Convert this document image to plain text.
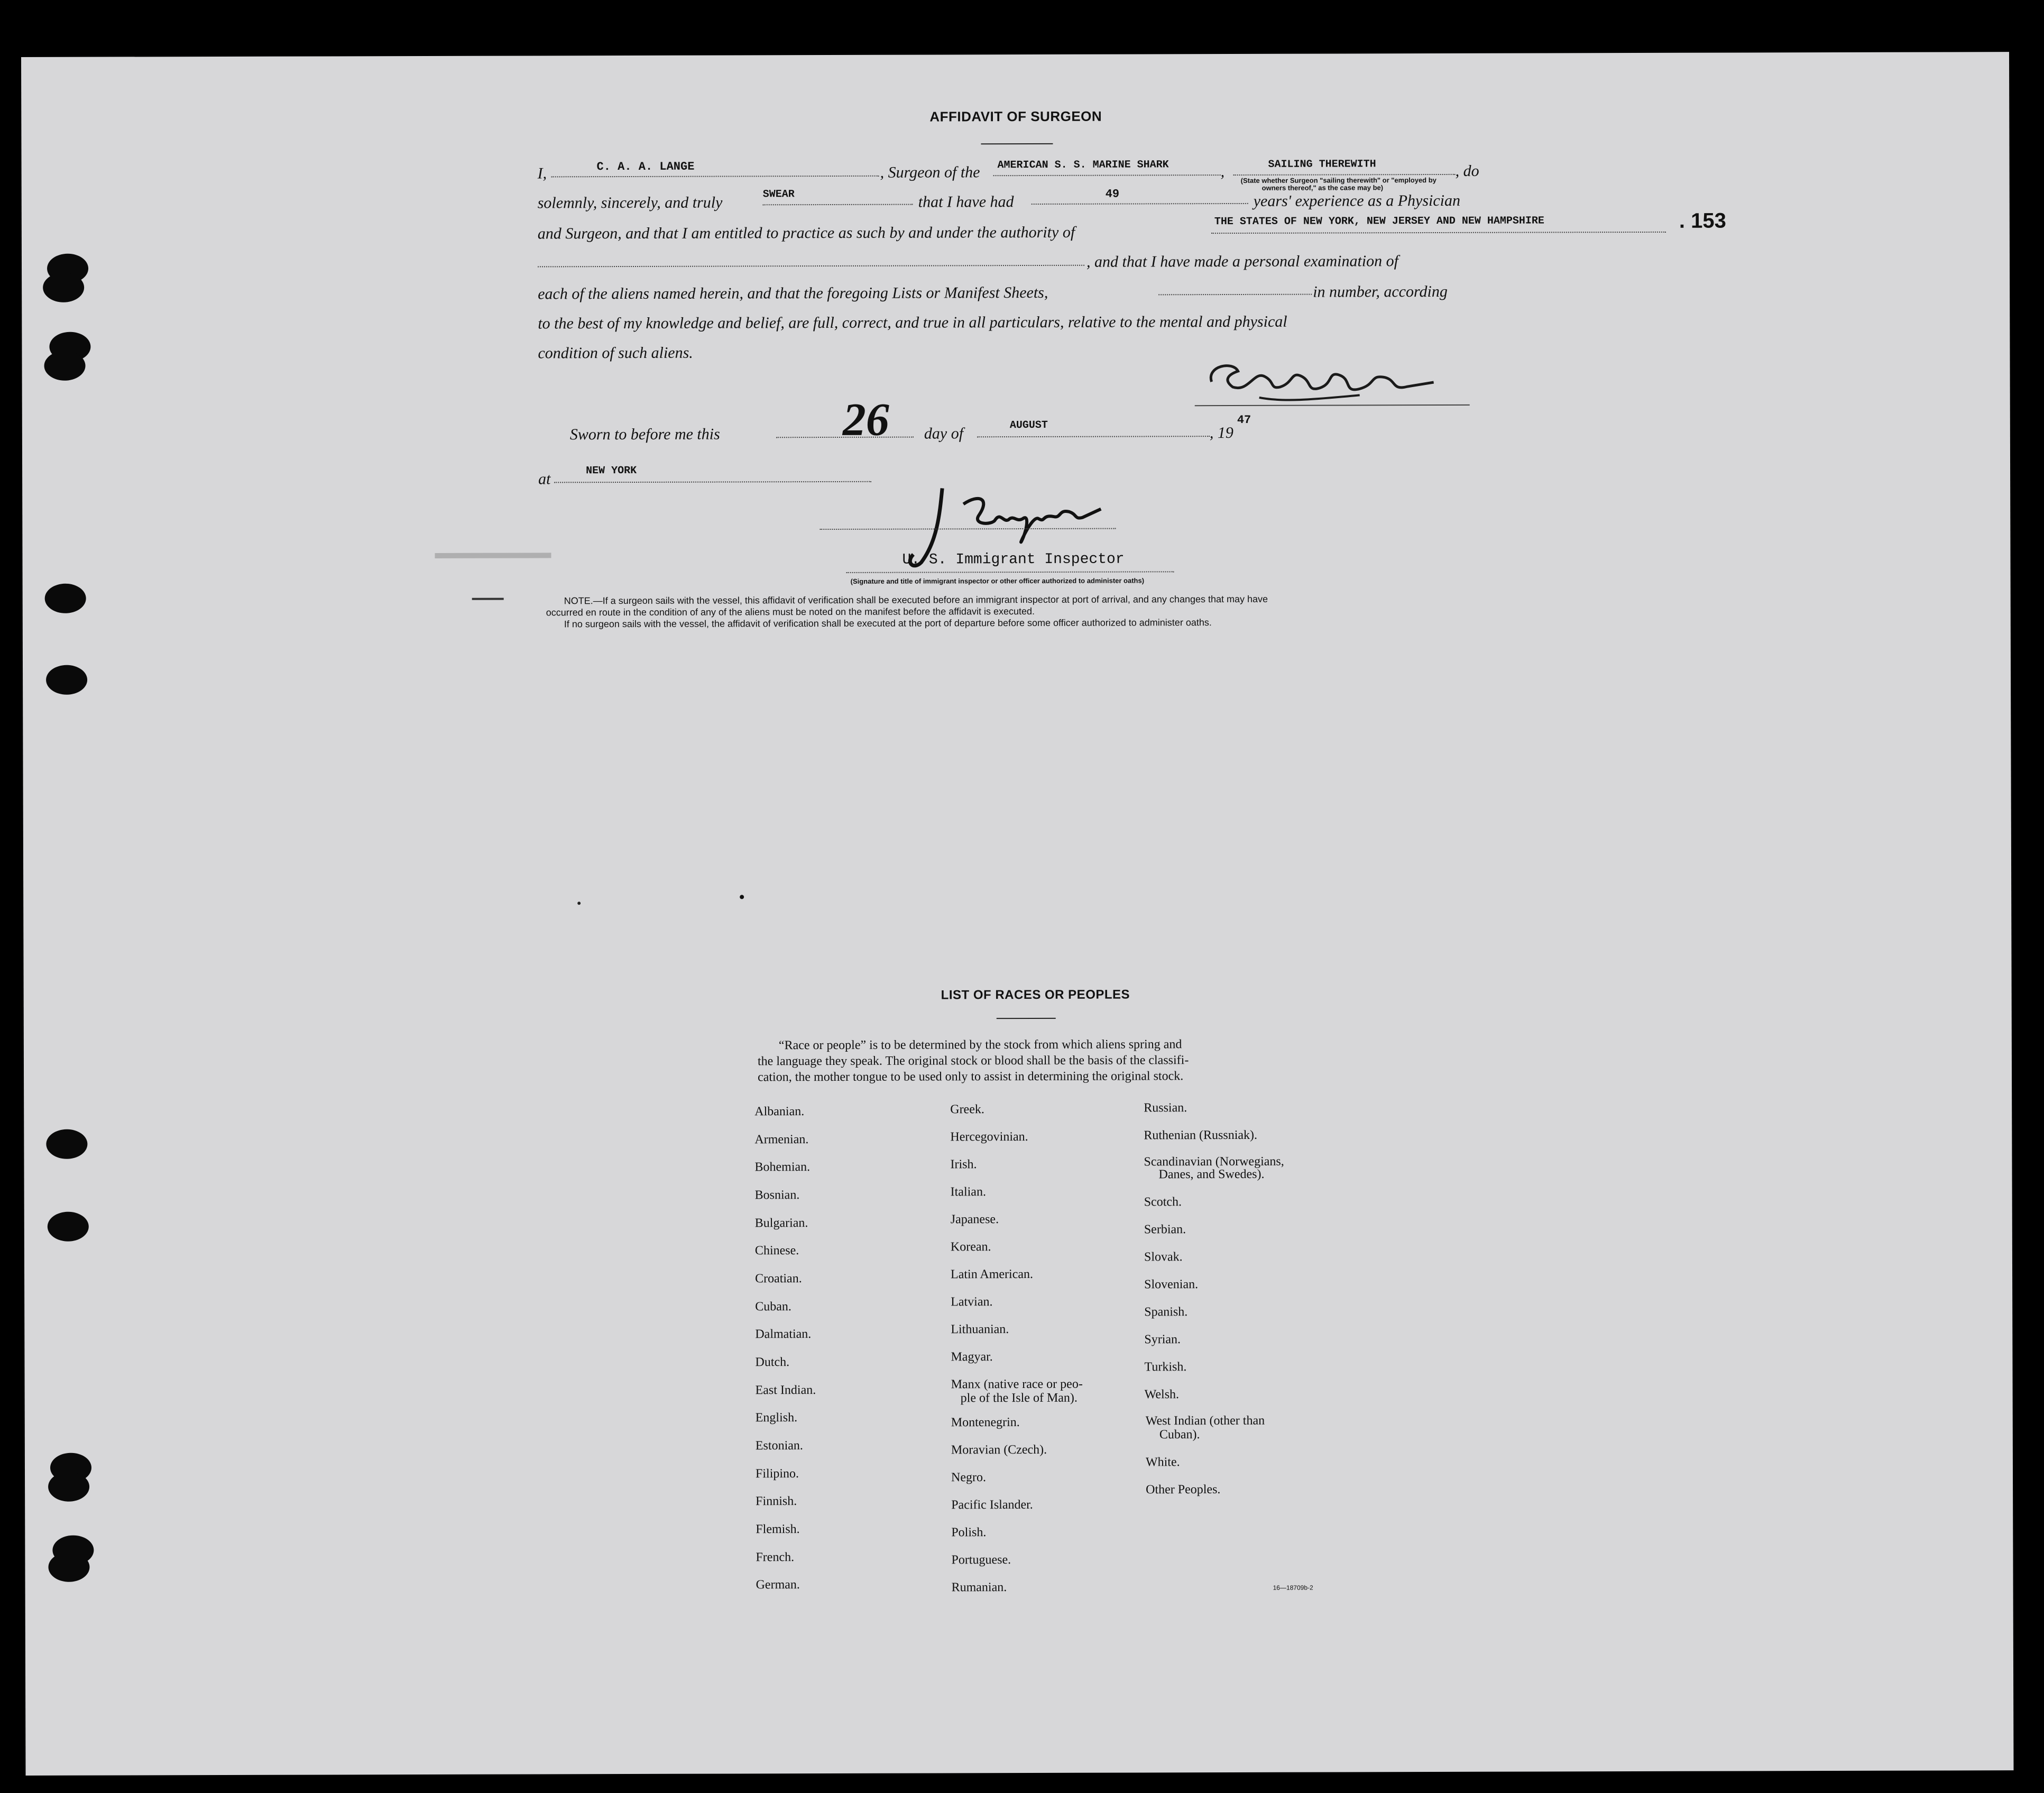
AFFIDAVIT OF SURGEON
I,	C. A. A. LANGE	, Surgeon of the AMERICAN S. S. MARINE SHARK	,	SAILING THEREWITH	, do
(State whether Surgeon "sailing therewith" or "employed by
owners thereof," as the case may be)
solemnly, sincerely, and truly	SWEAR	that I have had	49	years' experience as a Physician
and Surgeon, and that I am entitled to practice as such by and under the authority of
THE STATES OF NEW YORK, NEW JERSEY AND NEW HAMPSHIRE	. 153
, and that I have made a personal examination of
each of the aliens named herein, and that the foregoing Lists or Manifest Sheets,	in number, according
to the best of my knowledge and belief, are full, correct, and true in all particulars, relative to the mental and physical
condition of such aliens.
Sworn to before me this	26 day of	AUGUST	, 19
47
at	NEW YORK
U. S. Immigrant Inspector
(Signature and title of immigrant inspector or other officer authorized to administer oaths)
NOTE.—If a surgeon sails with the vessel, this affidavit of verification shall be executed before an immigrant inspector at port of arrival, and any changes that may have
occurred en route in the condition of any of the aliens must be noted on the manifest before the affidavit is executed.
If no surgeon sails with the vessel, the affidavit of verification shall be executed at the port of departure before some officer authorized to administer oaths.
LIST OF RACES OR PEOPLES
“Race or people” is to be determined by the stock from which aliens spring and
the language they speak. The original stock or blood shall be the basis of the classifi-
cation, the mother tongue to be used only to assist in determining the original stock.
Albanian.
Armenian.
Bohemian.
Bosnian.
Bulgarian.
Chinese.
Croatian.
Cuban.
Dalmatian.
Dutch.
East Indian.
English.
Estonian.
Filipino.
Finnish.
Flemish.
French.
German.
Greek.
Hercegovinian.
Irish.
Italian.
Japanese.
Korean.
Latin American.
Latvian.
Lithuanian.
Magyar.
Manx (native race or peo-
ple of the Isle of Man).
Montenegrin.
Moravian (Czech).
Negro.
Pacific Islander.
Polish.
Portuguese.
Rumanian.
Russian.
Ruthenian (Russniak).
Scandinavian (Norwegians,
Danes, and Swedes).
Scotch.
Serbian.
Slovak.
Slovenian.
Spanish.
Syrian.
Turkish.
Welsh.
West Indian (other than
Cuban).
White.
Other Peoples.
16—18709b-2
